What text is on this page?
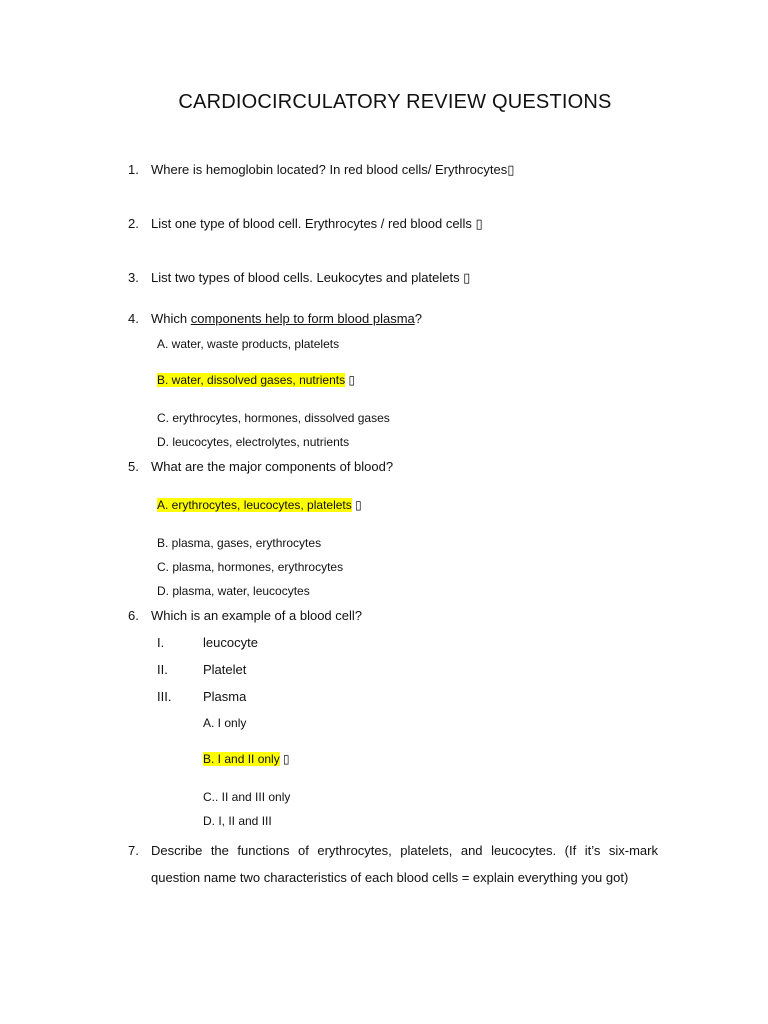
CARDIOCIRCULATORY REVIEW QUESTIONS
1. Where is hemoglobin located? In red blood cells/ Erythrocytes▯
2. List one type of blood cell. Erythrocytes / red blood cells ▯
3. List two types of blood cells. Leukocytes and platelets ▯
4. Which components help to form blood plasma?
A. water, waste products, platelets
B. water, dissolved gases, nutrients ▯
C. erythrocytes, hormones, dissolved gases
D. leucocytes, electrolytes, nutrients
5. What are the major components of blood?
A. erythrocytes, leucocytes, platelets ▯
B. plasma, gases, erythrocytes
C. plasma, hormones, erythrocytes
D. plasma, water, leucocytes
6. Which is an example of a blood cell?
I.	leucocyte
II.	Platelet
III. Plasma
A. I only
B. I and II only ▯
C.. II and III only
D. I, II and III
7. Describe the functions of erythrocytes, platelets, and leucocytes. (If it’s six-mark question name two characteristics of each blood cells = explain everything you got)
